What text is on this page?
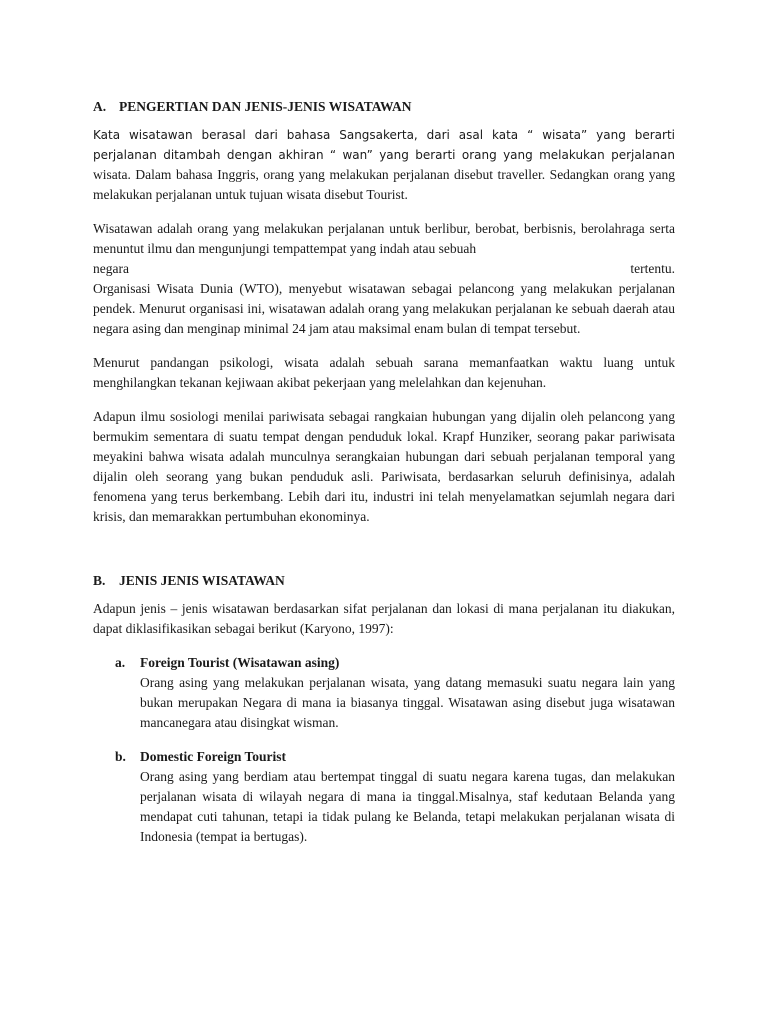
A. PENGERTIAN DAN JENIS-JENIS WISATAWAN
Kata wisatawan berasal dari bahasa Sangsakerta, dari asal kata “ wisata” yang berarti perjalanan ditambah dengan akhiran “ wan” yang berarti orang yang melakukan perjalanan wisata. Dalam bahasa Inggris, orang yang melakukan perjalanan disebut traveller. Sedangkan orang yang melakukan perjalanan untuk tujuan wisata disebut Tourist.
Wisatawan adalah orang yang melakukan perjalanan untuk berlibur, berobat, berbisnis, berolahraga serta menuntut ilmu dan mengunjungi tempattempat yang indah atau sebuah
negara	tertentu.
Organisasi Wisata Dunia (WTO), menyebut wisatawan sebagai pelancong yang melakukan perjalanan pendek. Menurut organisasi ini, wisatawan adalah orang yang melakukan perjalanan ke sebuah daerah atau negara asing dan menginap minimal 24 jam atau maksimal enam bulan di tempat tersebut.
Menurut pandangan psikologi, wisata adalah sebuah sarana memanfaatkan waktu luang untuk menghilangkan tekanan kejiwaan akibat pekerjaan yang melelahkan dan kejenuhan.
Adapun ilmu sosiologi menilai pariwisata sebagai rangkaian hubungan yang dijalin oleh pelancong yang bermukim sementara di suatu tempat dengan penduduk lokal. Krapf Hunziker, seorang pakar pariwisata meyakini bahwa wisata adalah munculnya serangkaian hubungan dari sebuah perjalanan temporal yang dijalin oleh seorang yang bukan penduduk asli. Pariwisata, berdasarkan seluruh definisinya, adalah fenomena yang terus berkembang. Lebih dari itu, industri ini telah menyelamatkan sejumlah negara dari krisis, dan memarakkan pertumbuhan ekonominya.
B.	JENIS JENIS WISATAWAN
Adapun jenis – jenis wisatawan berdasarkan sifat perjalanan dan lokasi di mana perjalanan itu diakukan, dapat diklasifikasikan sebagai berikut (Karyono, 1997):
a. Foreign Tourist (Wisatawan asing)
Orang asing yang melakukan perjalanan wisata, yang datang memasuki suatu negara lain yang bukan merupakan Negara di mana ia biasanya tinggal. Wisatawan asing disebut juga wisatawan mancanegara atau disingkat wisman.
b. Domestic Foreign Tourist
Orang asing yang berdiam atau bertempat tinggal di suatu negara karena tugas, dan melakukan perjalanan wisata di wilayah negara di mana ia tinggal.Misalnya, staf kedutaan Belanda yang mendapat cuti tahunan, tetapi ia tidak pulang ke Belanda, tetapi melakukan perjalanan wisata di Indonesia (tempat ia bertugas).
